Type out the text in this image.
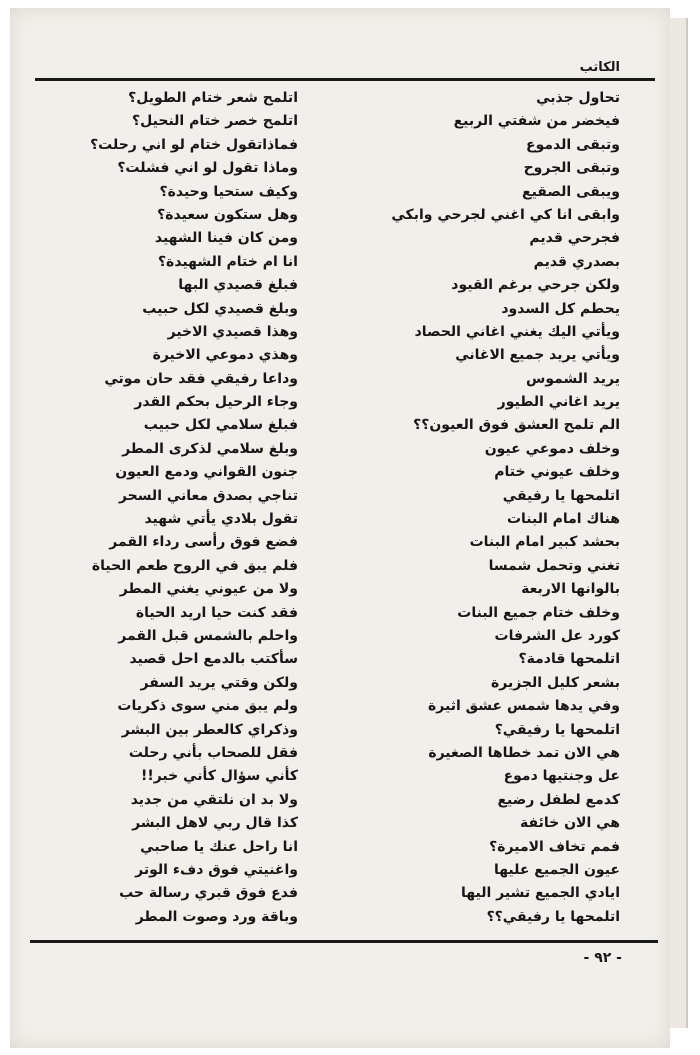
الكاتب
تحاول جذبي
فيخضر من شفتي الربيع
وتبقى الدموع
وتبقى الجروح
ويبقى الصقيع
وابقى انا كي اغني لجرحي وابكي
فجرحي قديم
بصدري قديم
ولكن جرحي برغم القيود
يحطم كل السدود
ويأتي اليك يغني اغاني الحصاد
ويأتي يريد جميع الاغاني
يريد الشموس
يريد اغاني الطيور
الم تلمح العشق فوق العيون؟؟
وخلف دموعي عيون
وخلف عيوني ختام
اتلمحها يا رفيقي
هناك امام البنات
بحشد كبير امام البنات
تغني وتحمل شمسا
بالوانها الاربعة
وخلف ختام جميع البنات
كورد عل الشرفات
اتلمحها قادمة؟
بشعر كليل الجزيرة
وفي يدها شمس عشق اثيرة
اتلمحها يا رفيقي؟
هي الان تمد خطاها الصغيرة
عل وجنتيها دموع
كدمع لطفل رضيع
هي الان خائفة
فمم تخاف الاميرة؟
عيون الجميع عليها
ايادي الجميع تشير اليها
اتلمحها يا رفيقي؟؟
اتلمح شعر ختام الطويل؟
اتلمح خصر ختام النحيل؟
فماذاتقول ختام لو اني رحلت؟
وماذا تقول لو اني فشلت؟
وكيف ستحيا وحيدة؟
وهل ستكون سعيدة؟
ومن كان فينا الشهيد
انا ام ختام الشهيدة؟
فبلغ قصيدي البها
وبلغ قصيدي لكل حبيب
وهذا قصيدي الاخير
وهذي دموعي الاخيرة
وداعا رفيقي فقد حان موتي
وجاء الرحيل بحكم القدر
فبلغ سلامي لكل حبيب
وبلغ سلامي لذكرى المطر
جنون القواني ودمع العيون
تناجي بصدق معاني السحر
تقول بلادي يأتي شهيد
فضع فوق رأسى رداء القمر
فلم يبق في الروح طعم الحياة
ولا من عيوني يغني المطر
فقد كنت حيا اريد الحياة
واحلم بالشمس قبل القمر
سأكتب بالدمع احل قصيد
ولكن وقتي يريد السفر
ولم يبق مني سوى ذكريات
وذكراي كالعطر بين البشر
فقل للصحاب بأني رحلت
كأني سؤال كأني خبر!!
ولا بد ان نلتقي من جديد
كذا قال ربي لاهل البشر
انا راحل عنك يا صاحبي
واغنيتي فوق دفء الوتر
فدع فوق قبري رسالة حب
وباقة ورد وصوت المطر
- ٩٢ -
